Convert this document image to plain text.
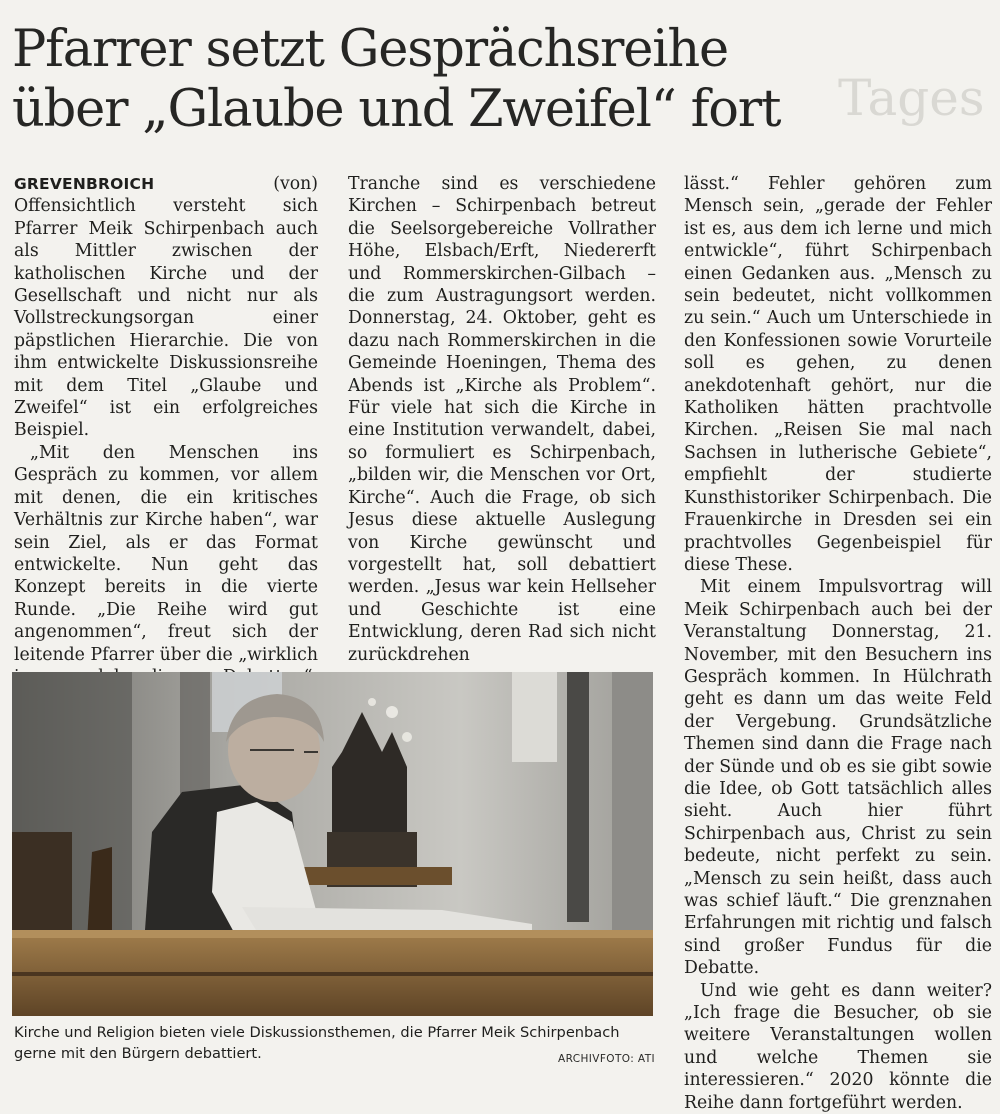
Pfarrer setzt Gesprächsreihe
über „Glaube und Zweifel“ fort	Tages

GREVENBROICH	(von) Offensichtlich versteht sich Pfarrer Meik Schirpenbach auch als Mittler zwischen der katholischen Kirche und der Gesellschaft und nicht nur als Vollstreckungsorgan einer päpstlichen Hierarchie. Die von ihm entwickelte Diskussionsreihe mit dem Titel „Glaube und Zweifel“ ist ein erfolgreiches Beispiel.

„Mit den Menschen ins Gespräch zu kommen, vor allem mit denen, die ein kritisches Verhältnis zur Kirche haben“, war sein Ziel, als er das Format entwickelte. Nun geht das Konzept bereits in die vierte Runde. „Die Reihe wird gut angenommen“, freut sich der leitende Pfarrer über die „wirklich

Tranche sind es verschiedene Kirchen – Schirpenbach betreut die Seelsorgebereiche Vollrather Höhe, Elsbach/Erft, Niedererft und Rommerskirchen-Gilbach – die zum Austragungsort werden. Donnerstag, 24. Oktober, geht es dazu nach Rommerskirchen in die Gemeinde Hoeningen, Thema des Abends ist „Kirche als Problem“. Für viele hat sich die Kirche in eine Institution verwandelt, dabei, so formuliert es Schirpenbach, „bilden wir, die Menschen vor Ort, Kirche“. Auch die Frage, ob sich Jesus diese aktuelle Auslegung von Kirche gewünscht und vorgestellt hat, soll debattiert werden. „Jesus war kein Hellseher und Geschichte ist eine Entwicklung, deren Rad sich nicht zurückdrehen

lässt.“ Fehler gehören zum Mensch sein, „gerade der Fehler ist es, aus dem ich lerne und mich entwickle“, führt Schirpenbach einen Gedanken aus. „Mensch zu sein bedeutet, nicht vollkommen zu sein.“ Auch um Unterschiede in den Konfessionen sowie Vorurteile soll es gehen, zu denen anekdotenhaft gehört, nur die Katholiken hätten prachtvolle Kirchen. „Reisen Sie mal nach Sachsen in lutherische Gebiete“, empfiehlt der studierte Kunsthistoriker Schirpenbach. Die Frauenkirche in Dresden sei ein prachtvolles Gegenbeispiel für diese These.

Mit einem Impulsvortrag will Meik Schirpenbach auch bei der Veranstaltung Donnerstag, 21. November, mit den Besuchern ins Gespräch kommen. In Hülchrath geht es dann um das weite Feld der Vergebung. Grundsätzliche Themen sind dann die Frage nach der Sünde und ob es sie gibt sowie die Idee, ob Gott tatsächlich alles sieht. Auch hier führt Schirpenbach aus, Christ zu sein bedeute, nicht perfekt zu sein. „Mensch zu sein heißt, dass auch was schief läuft.“ Die grenznahen Erfahrungen mit richtig und falsch sind großer Fundus für die Debatte.

Und wie geht es dann weiter? „Ich frage die Besucher, ob sie weitere Veranstaltungen wollen und welche Themen sie interessieren.“ 2020 könnte die Reihe dann fortgeführt werden.

Kirche und Religion bieten viele Diskussionsthemen, die Pfarrer Meik Schirpenbach gerne mit den Bürgern debattiert.	ARCHIVFOTO: ATI
